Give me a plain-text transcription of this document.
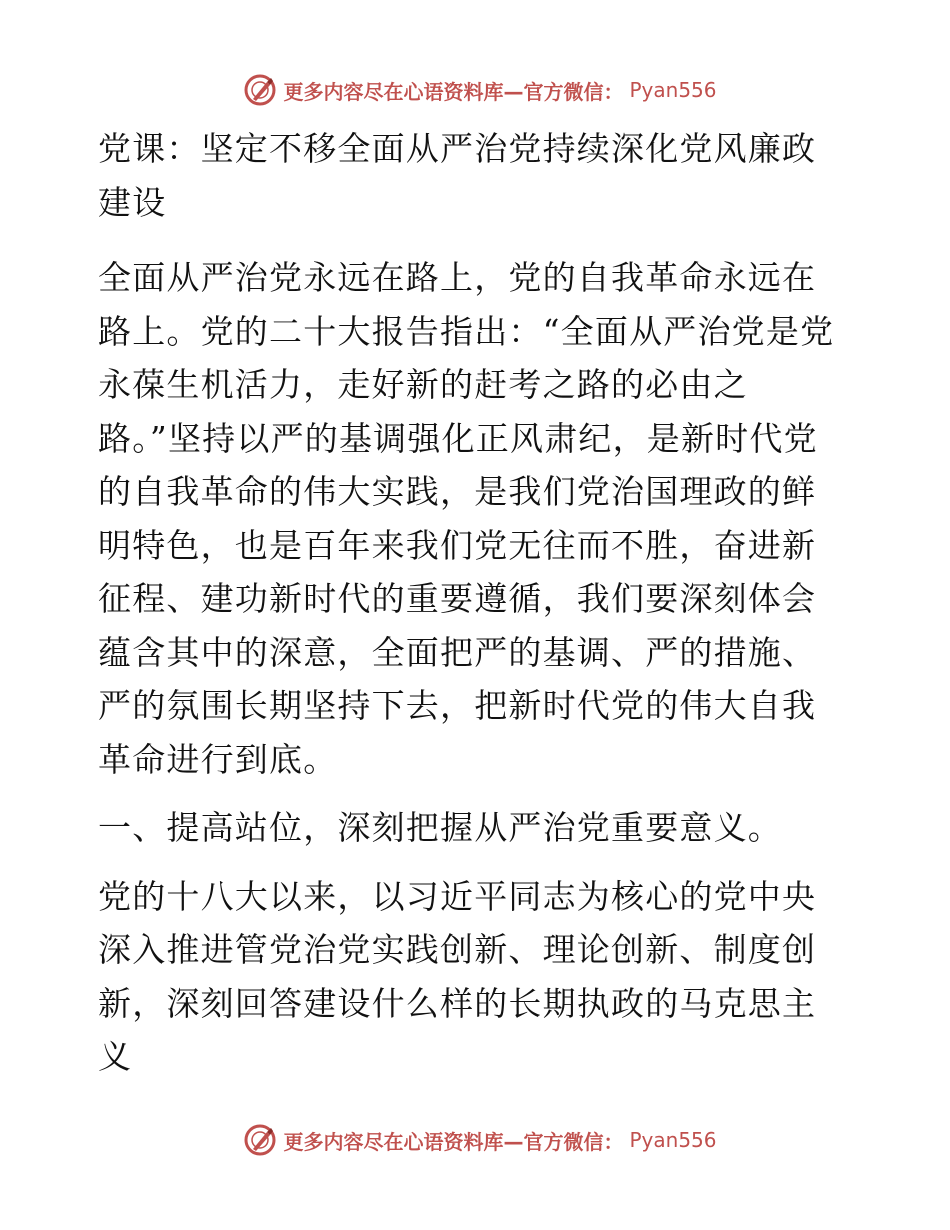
更多内容尽在心语资料库—官方微信： Pyan556

党课：坚定不移全面从严治党持续深化党风廉政建设

全面从严治党永远在路上，党的自我革命永远在路上。党的二十大报告指出：“全面从严治党是党永葆生机活力，走好新的赶考之路的必由之路。”坚持以严的基调强化正风肃纪，是新时代党的自我革命的伟大实践，是我们党治国理政的鲜明特色，也是百年来我们党无往而不胜，奋进新征程、建功新时代的重要遵循，我们要深刻体会蕴含其中的深意，全面把严的基调、严的措施、严的氛围长期坚持下去，把新时代党的伟大自我革命进行到底。

一、提高站位，深刻把握从严治党重要意义。

党的十八大以来，以习近平同志为核心的党中央深入推进管党治党实践创新、理论创新、制度创新，深刻回答建设什么样的长期执政的马克思主义

更多内容尽在心语资料库—官方微信： Pyan556
